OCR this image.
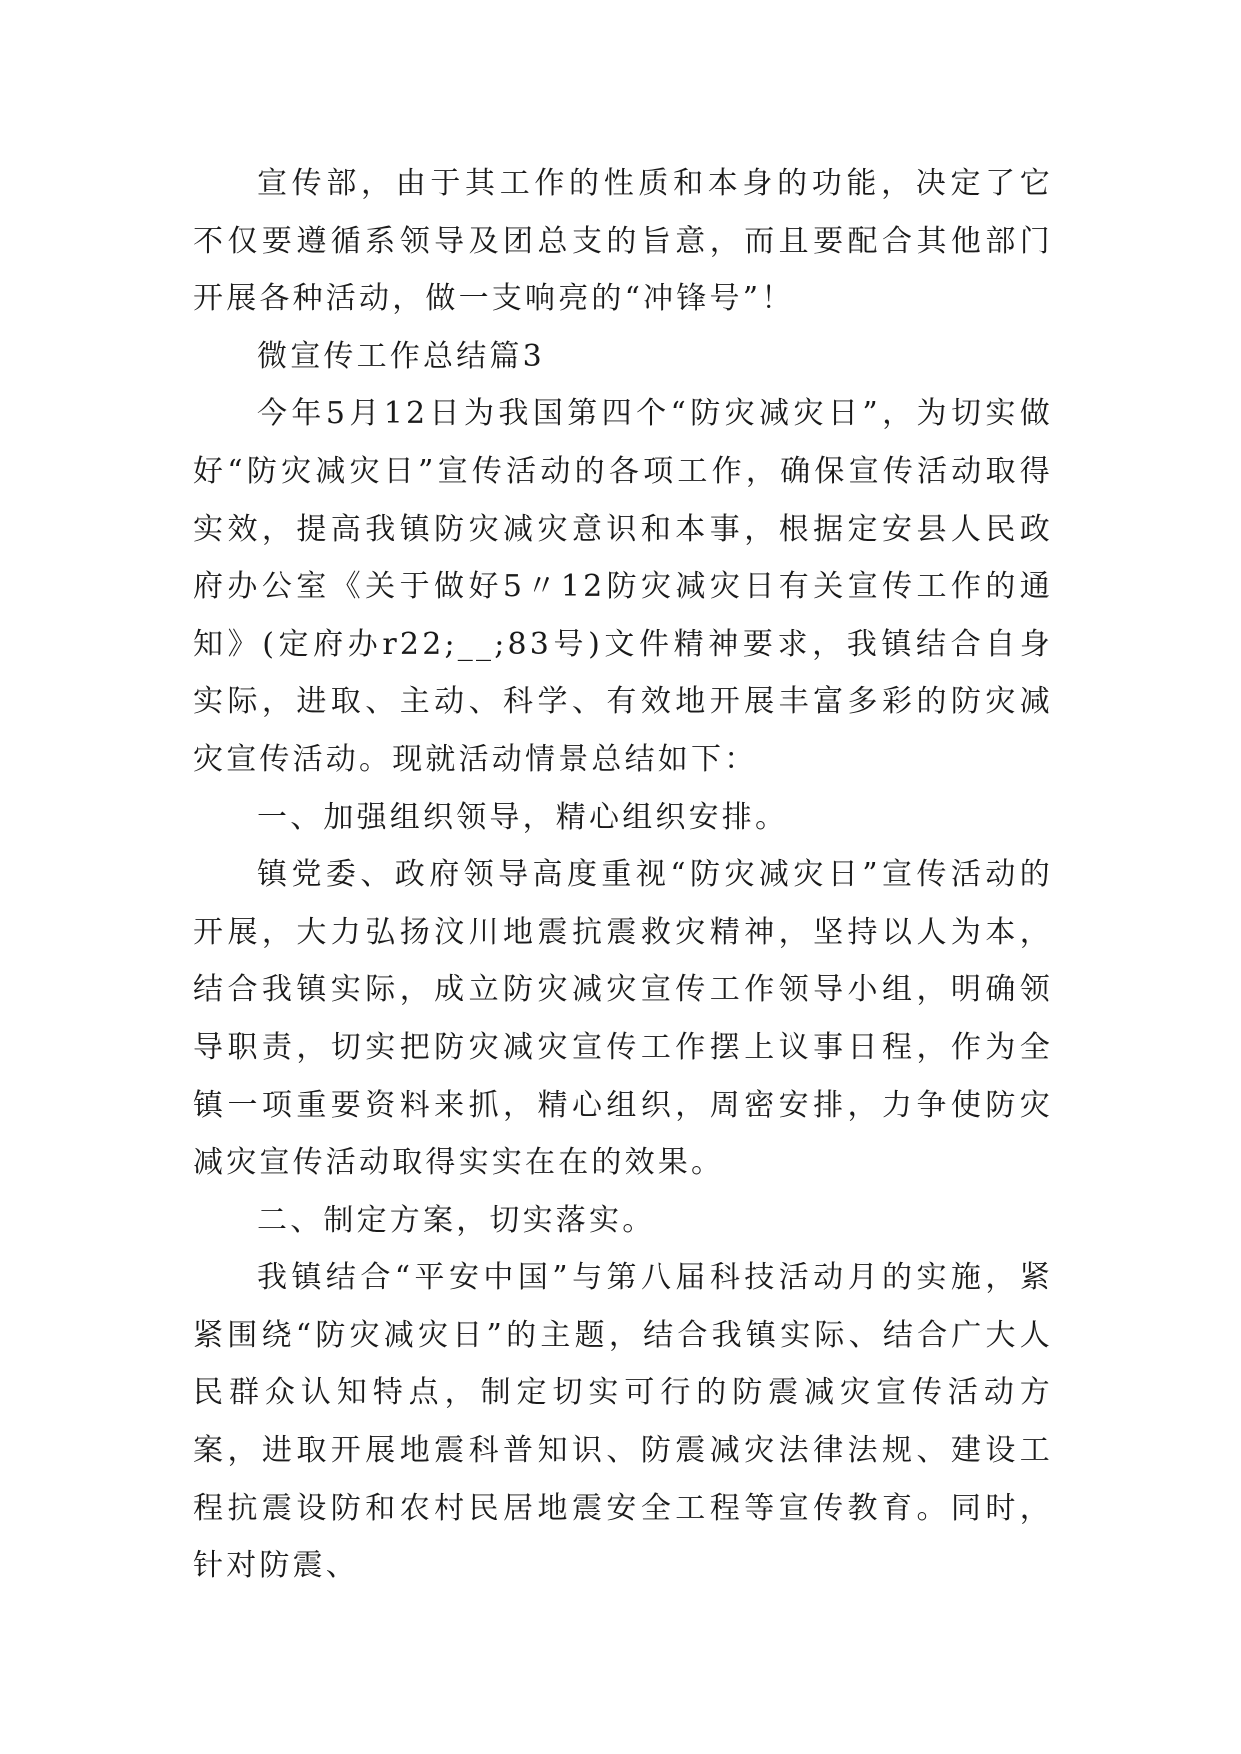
宣传部，由于其工作的性质和本身的功能，决定了它不仅要遵循系领导及团总支的旨意，而且要配合其他部门开展各种活动，做一支响亮的“冲锋号”！

微宣传工作总结篇3

今年5月12日为我国第四个“防灾减灾日”，为切实做好“防灾减灾日”宣传活动的各项工作，确保宣传活动取得实效，提高我镇防灾减灾意识和本事，根据定安县人民政府办公室《关于做好5〃12防灾减灾日有关宣传工作的通知》(定府办r22;__;83号)文件精神要求，我镇结合自身实际，进取、主动、科学、有效地开展丰富多彩的防灾减灾宣传活动。现就活动情景总结如下：

一、加强组织领导，精心组织安排。

镇党委、政府领导高度重视“防灾减灾日”宣传活动的开展，大力弘扬汶川地震抗震救灾精神，坚持以人为本，结合我镇实际，成立防灾减灾宣传工作领导小组，明确领导职责，切实把防灾减灾宣传工作摆上议事日程，作为全镇一项重要资料来抓，精心组织，周密安排，力争使防灾减灾宣传活动取得实实在在的效果。

二、制定方案，切实落实。

我镇结合“平安中国”与第八届科技活动月的实施，紧紧围绕“防灾减灾日”的主题，结合我镇实际、结合广大人民群众认知特点，制定切实可行的防震减灾宣传活动方案，进取开展地震科普知识、防震减灾法律法规、建设工程抗震设防和农村民居地震安全工程等宣传教育。同时，针对防震、
